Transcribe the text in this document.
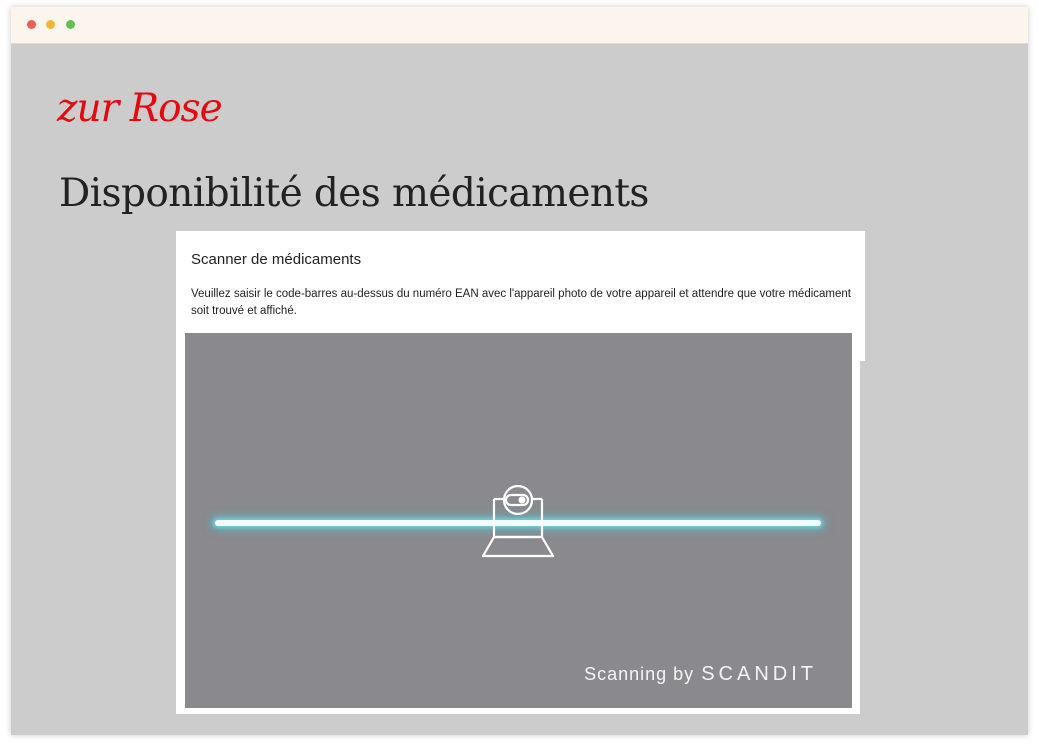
zur Rose
Disponibilité des médicaments
Scanner de médicaments
Veuillez saisir le code-barres au-dessus du numéro EAN avec l'appareil photo de votre appareil et attendre que votre médicament soit trouvé et affiché.
Scanning by SCANDIT
